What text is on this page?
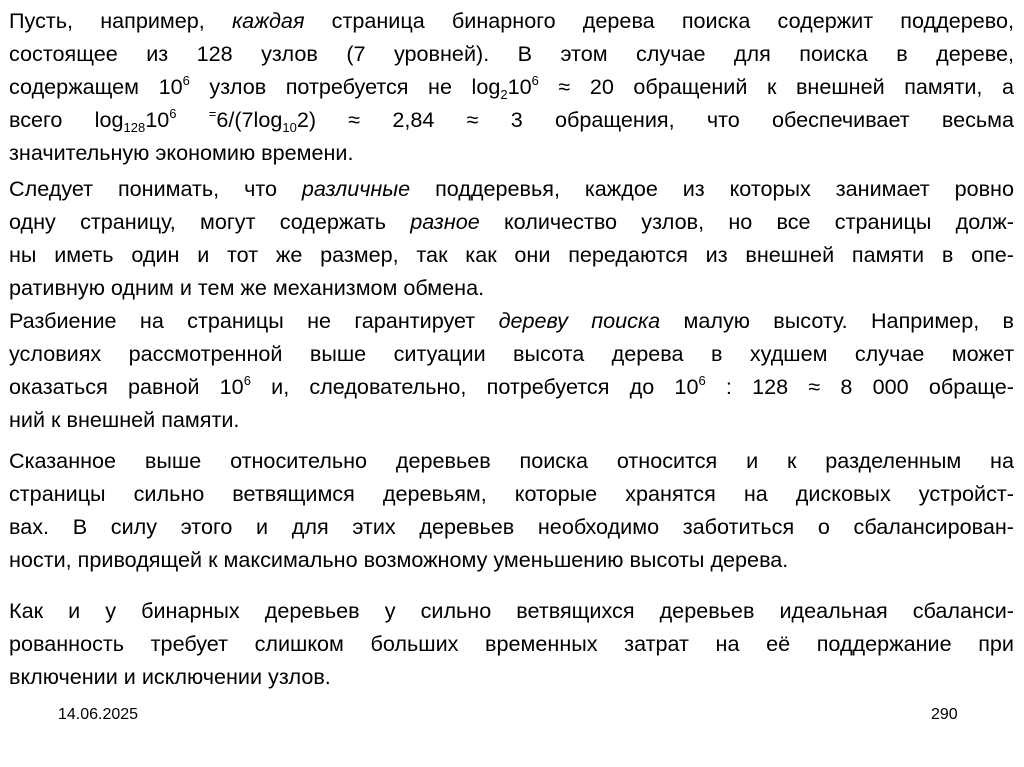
Пусть, например, каждая страница бинарного дерева поиска содержит поддерево,
состоящее из 128 узлов (7 уровней). В этом случае для поиска в дереве,
содержащем $10^6$ узлов потребуется не $\log_210^6 \approx 20$ обращений к внешней памяти, а
всего $\log_{128}10^6$ $^=6/(7\log_{10}2) \approx 2,84 \approx 3$ обращения, что обеспечивает весьма
значительную экономию времени.
Следует понимать, что различные поддеревья, каждое из которых занимает ровно
одну страницу, могут содержать разное количество узлов, но все страницы долж-
ны иметь один и тот же размер, так как они передаются из внешней памяти в опе-
ративную одним и тем же механизмом обмена.
Разбиение на страницы не гарантирует дереву поиска малую высоту. Например, в
условиях рассмотренной выше ситуации высота дерева в худшем случае может
оказаться равной $10^6$ и, следовательно, потребуется до $10^6$ : 128 ≈ 8 000 обраще-
ний к внешней памяти.
Сказанное выше относительно деревьев поиска относится и к разделенным на
страницы сильно ветвящимся деревьям, которые хранятся на дисковых устройст-
вах. В силу этого и для этих деревьев необходимо заботиться о сбалансирован-
ности, приводящей к максимально возможному уменьшению высоты дерева.
Как и у бинарных деревьев у сильно ветвящихся деревьев идеальная сбаланси-
рованность требует слишком больших временных затрат на её поддержание при
включении и исключении узлов.
14.06.2025	290
